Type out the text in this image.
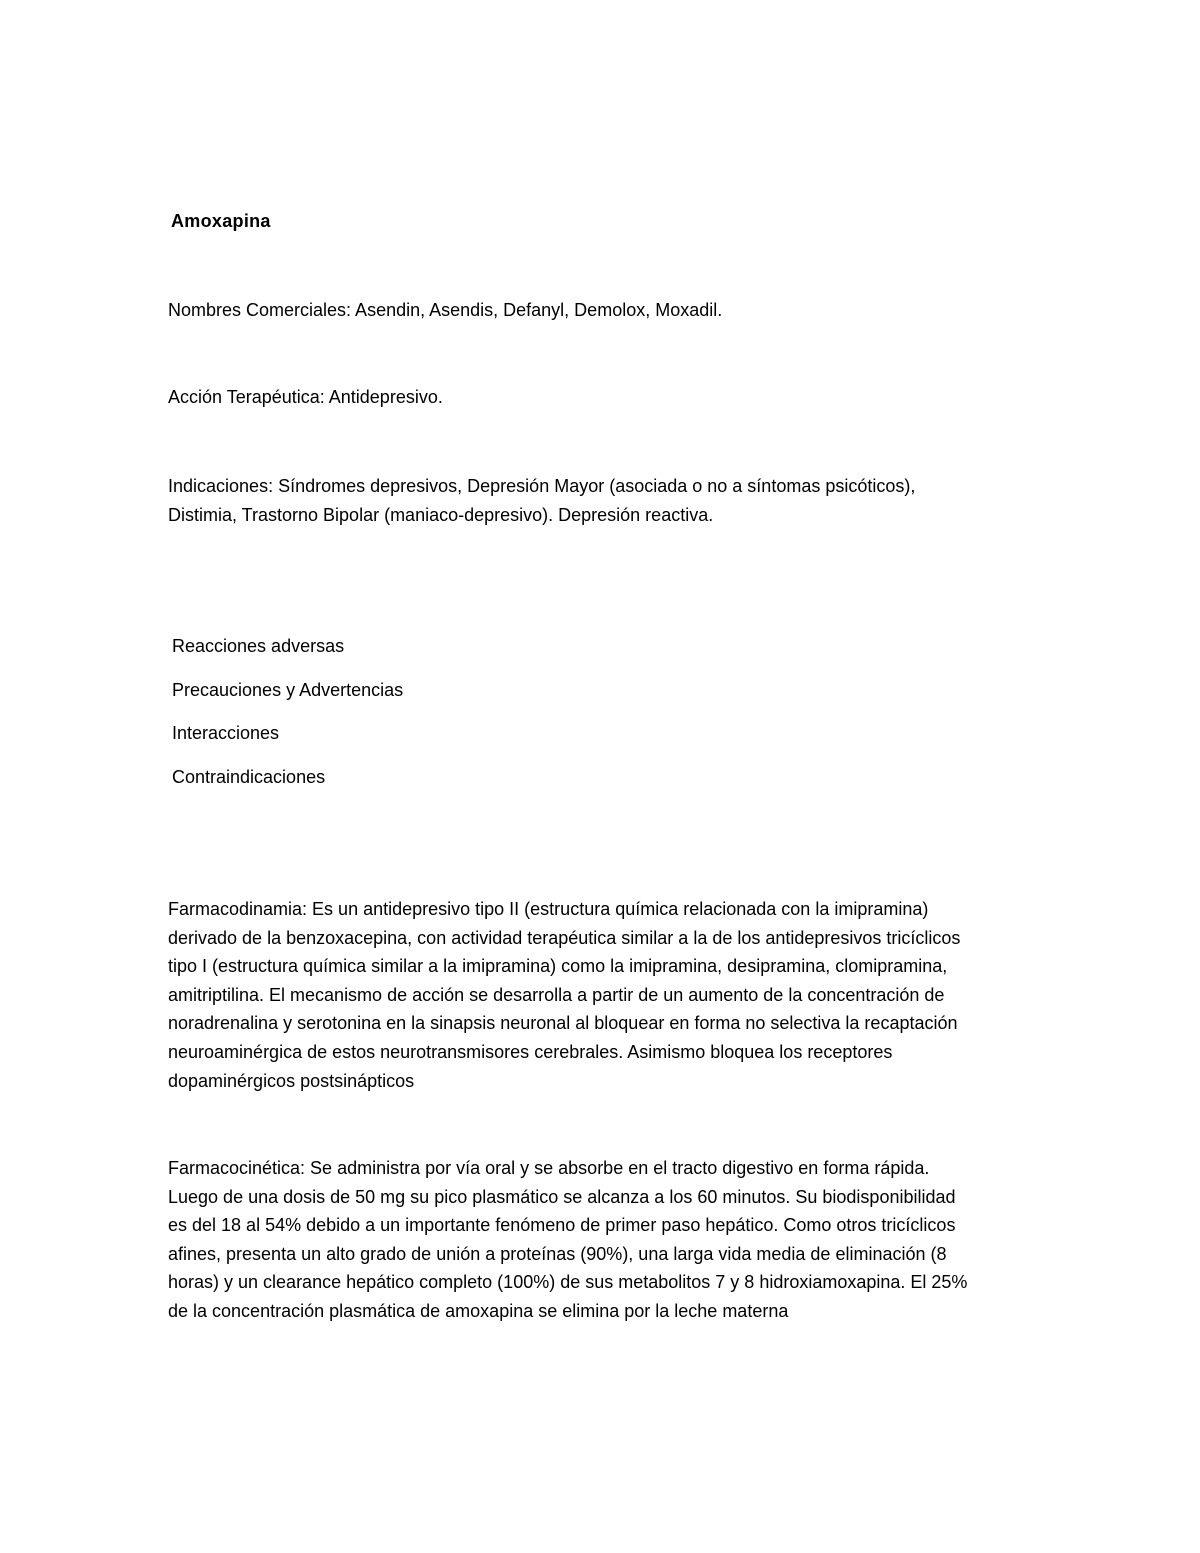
Amoxapina

Nombres Comerciales: Asendin, Asendis, Defanyl, Demolox, Moxadil.

Acción Terapéutica: Antidepresivo.

Indicaciones: Síndromes depresivos, Depresión Mayor (asociada o no a síntomas psicóticos),
Distimia, Trastorno Bipolar (maniaco-depresivo). Depresión reactiva.

Reacciones adversas
Precauciones y Advertencias
Interacciones
Contraindicaciones

Farmacodinamia: Es un antidepresivo tipo II (estructura química relacionada con la imipramina)
derivado de la benzoxacepina, con actividad terapéutica similar a la de los antidepresivos tricíclicos
tipo I (estructura química similar a la imipramina) como la imipramina, desipramina, clomipramina,
amitriptilina. El mecanismo de acción se desarrolla a partir de un aumento de la concentración de
noradrenalina y serotonina en la sinapsis neuronal al bloquear en forma no selectiva la recaptación
neuroaminérgica de estos neurotransmisores cerebrales. Asimismo bloquea los receptores
dopaminérgicos postsinápticos

Farmacocinética: Se administra por vía oral y se absorbe en el tracto digestivo en forma rápida.
Luego de una dosis de 50 mg su pico plasmático se alcanza a los 60 minutos. Su biodisponibilidad
es del 18 al 54% debido a un importante fenómeno de primer paso hepático. Como otros tricíclicos
afines, presenta un alto grado de unión a proteínas (90%), una larga vida media de eliminación (8
horas) y un clearance hepático completo (100%) de sus metabolitos 7 y 8 hidroxiamoxapina. El 25%
de la concentración plasmática de amoxapina se elimina por la leche materna
